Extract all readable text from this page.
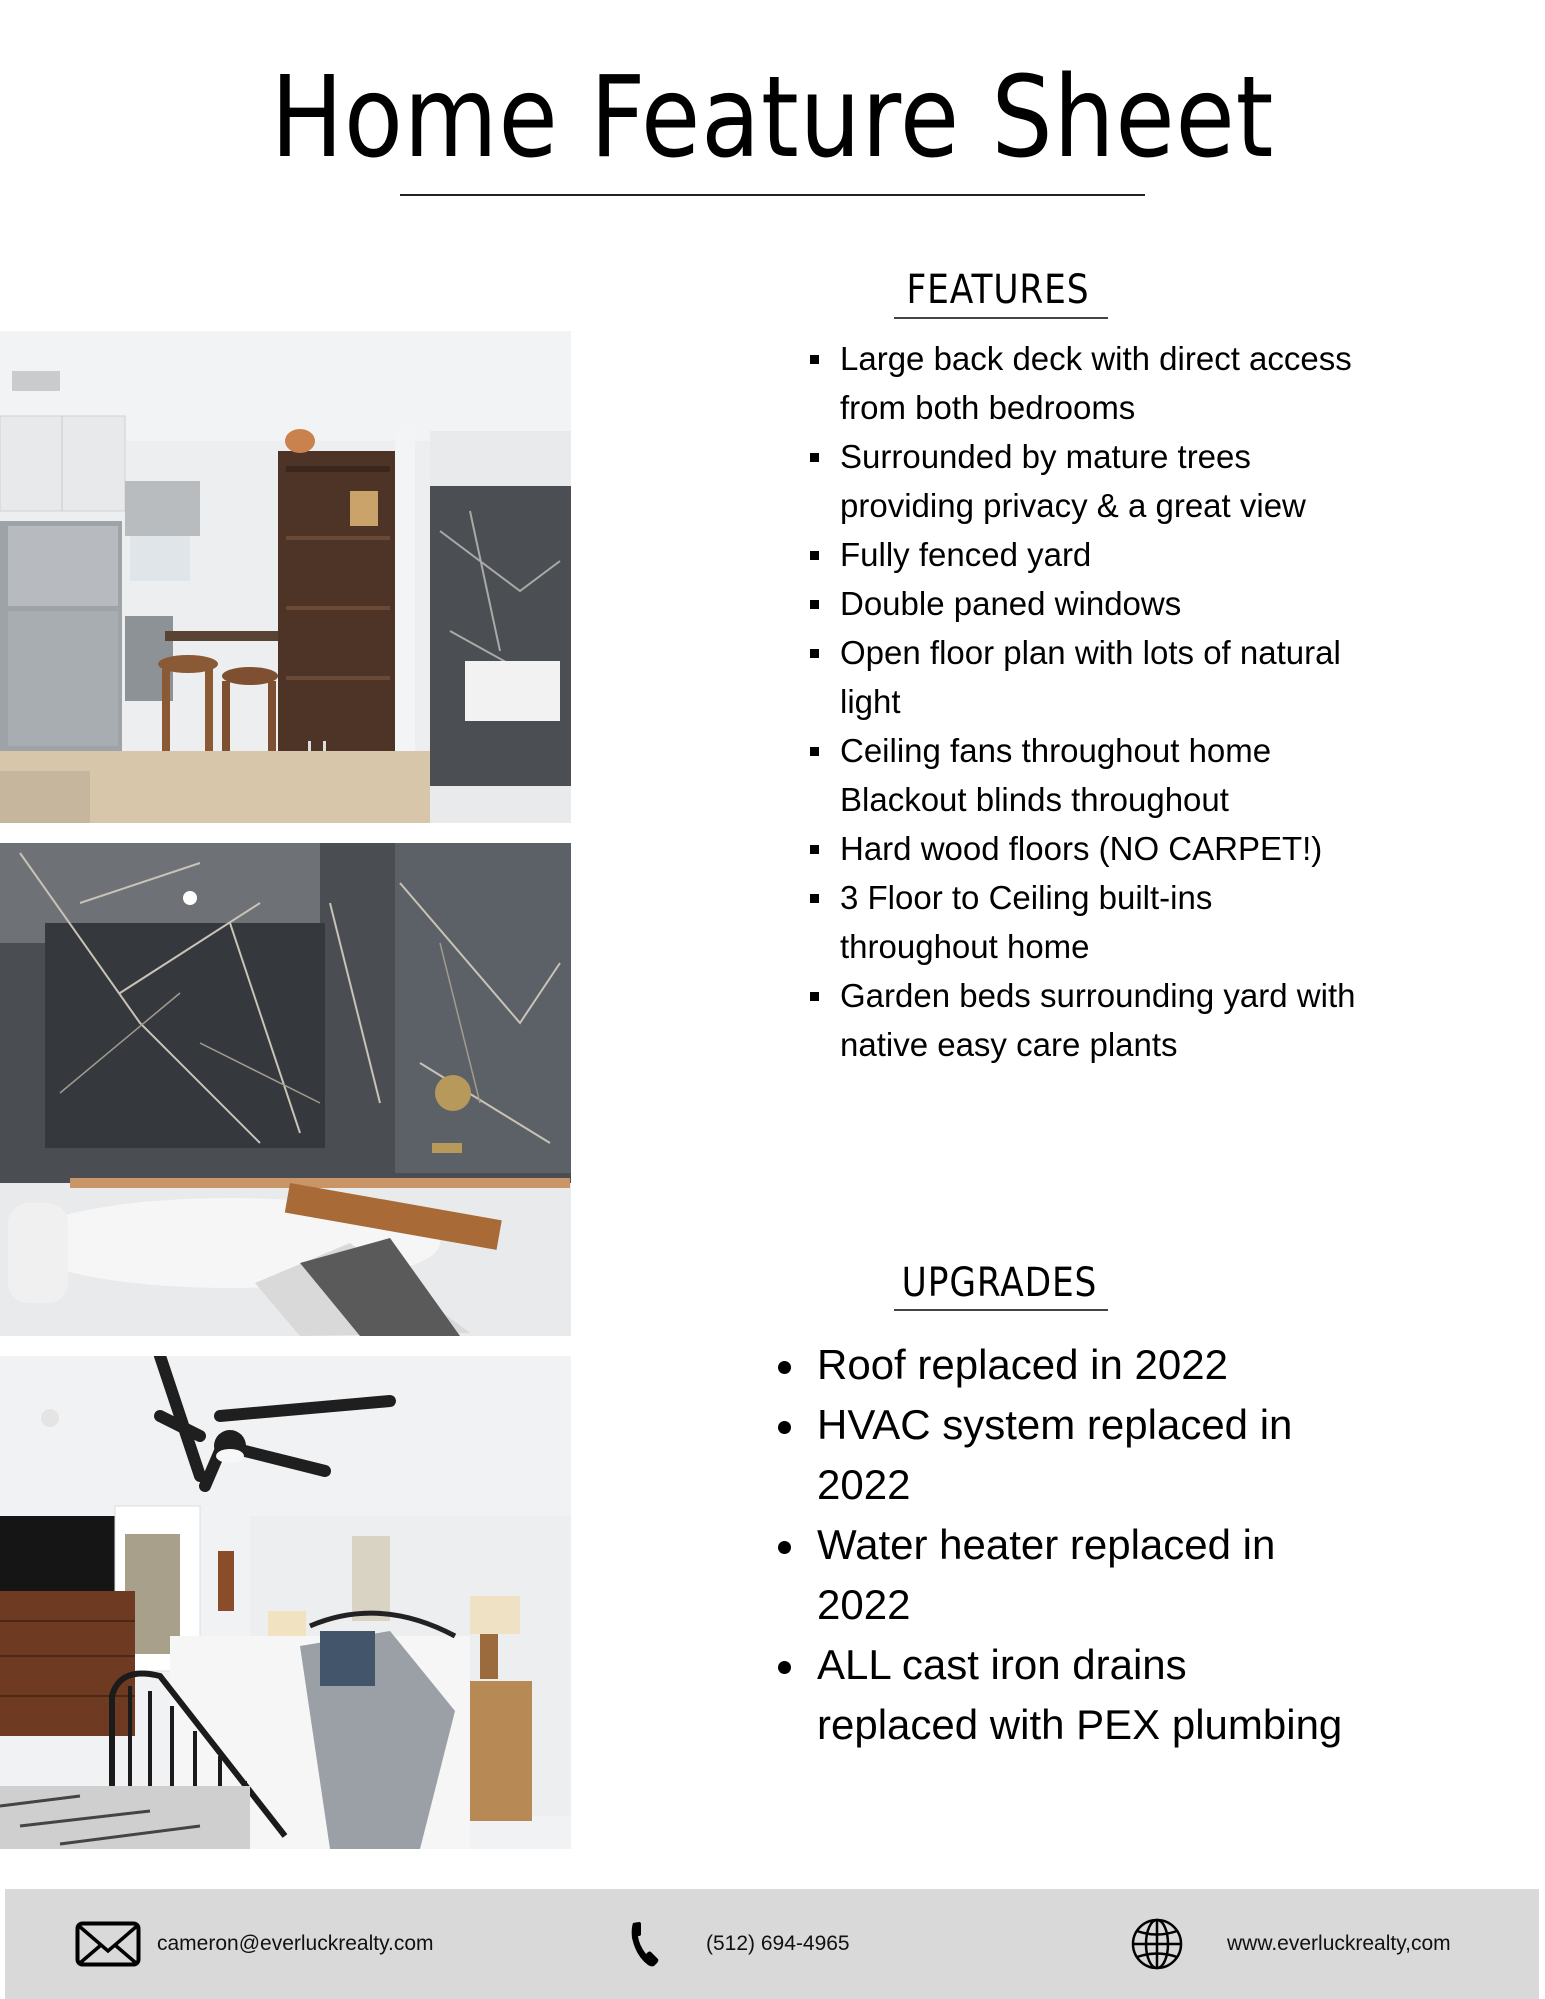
Home Feature Sheet
FEATURES
Large back deck with direct access from both bedrooms
Surrounded by mature trees providing privacy & a great view
Fully fenced yard
Double paned windows
Open floor plan with lots of natural light
Ceiling fans throughout home
Blackout blinds throughout
Hard wood floors (NO CARPET!)
3 Floor to Ceiling built-ins throughout home
Garden beds surrounding yard with native easy care plants
UPGRADES
Roof replaced in 2022
HVAC system replaced in 2022
Water heater replaced in 2022
ALL cast iron drains replaced with PEX plumbing
cameron@everluckrealty.com	(512) 694-4965	www.everluckrealty,com
